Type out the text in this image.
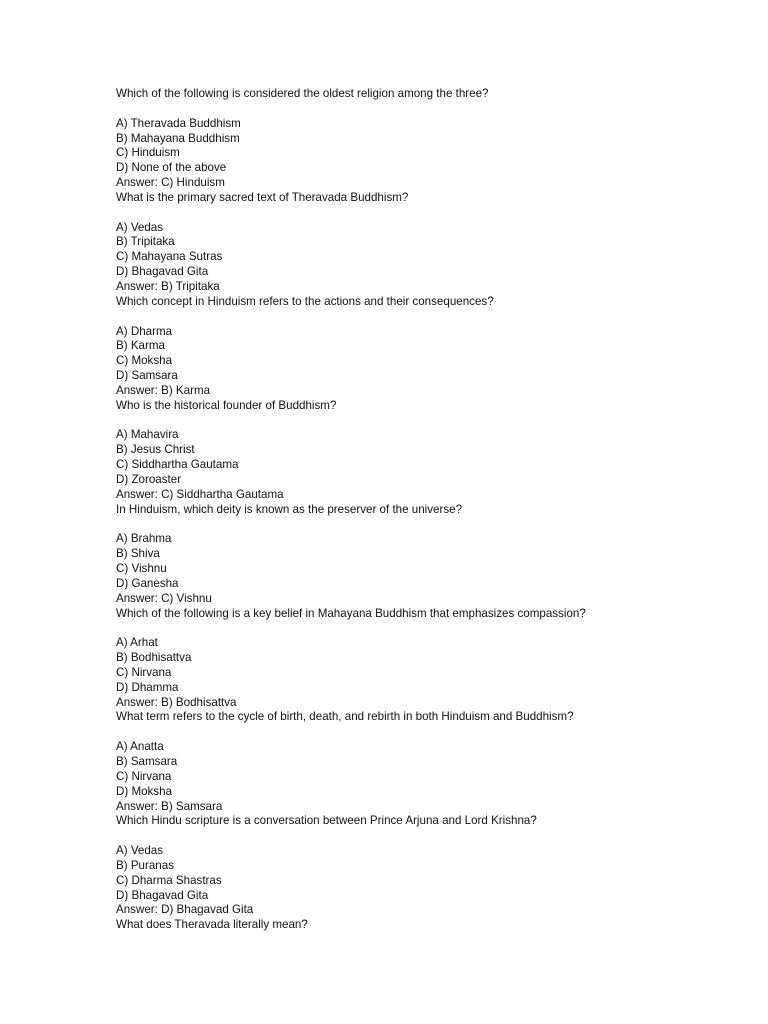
Which of the following is considered the oldest religion among the three?

A) Theravada Buddhism

B) Mahayana Buddhism

C) Hinduism

D) None of the above

Answer: C) Hinduism

What is the primary sacred text of Theravada Buddhism?

A) Vedas

B) Tripitaka

C) Mahayana Sutras

D) Bhagavad Gita

Answer: B) Tripitaka

Which concept in Hinduism refers to the actions and their consequences?

A) Dharma

B) Karma

C) Moksha

D) Samsara

Answer: B) Karma

Who is the historical founder of Buddhism?

A) Mahavira

B) Jesus Christ

C) Siddhartha Gautama

D) Zoroaster

Answer: C) Siddhartha Gautama

In Hinduism, which deity is known as the preserver of the universe?

A) Brahma

B) Shiva

C) Vishnu

D) Ganesha

Answer: C) Vishnu

Which of the following is a key belief in Mahayana Buddhism that emphasizes compassion?

A) Arhat

B) Bodhisattva

C) Nirvana

D) Dhamma

Answer: B) Bodhisattva

What term refers to the cycle of birth, death, and rebirth in both Hinduism and Buddhism?

A) Anatta

B) Samsara

C) Nirvana

D) Moksha

Answer: B) Samsara

Which Hindu scripture is a conversation between Prince Arjuna and Lord Krishna?

A) Vedas

B) Puranas

C) Dharma Shastras

D) Bhagavad Gita

Answer: D) Bhagavad Gita

What does Theravada literally mean?
